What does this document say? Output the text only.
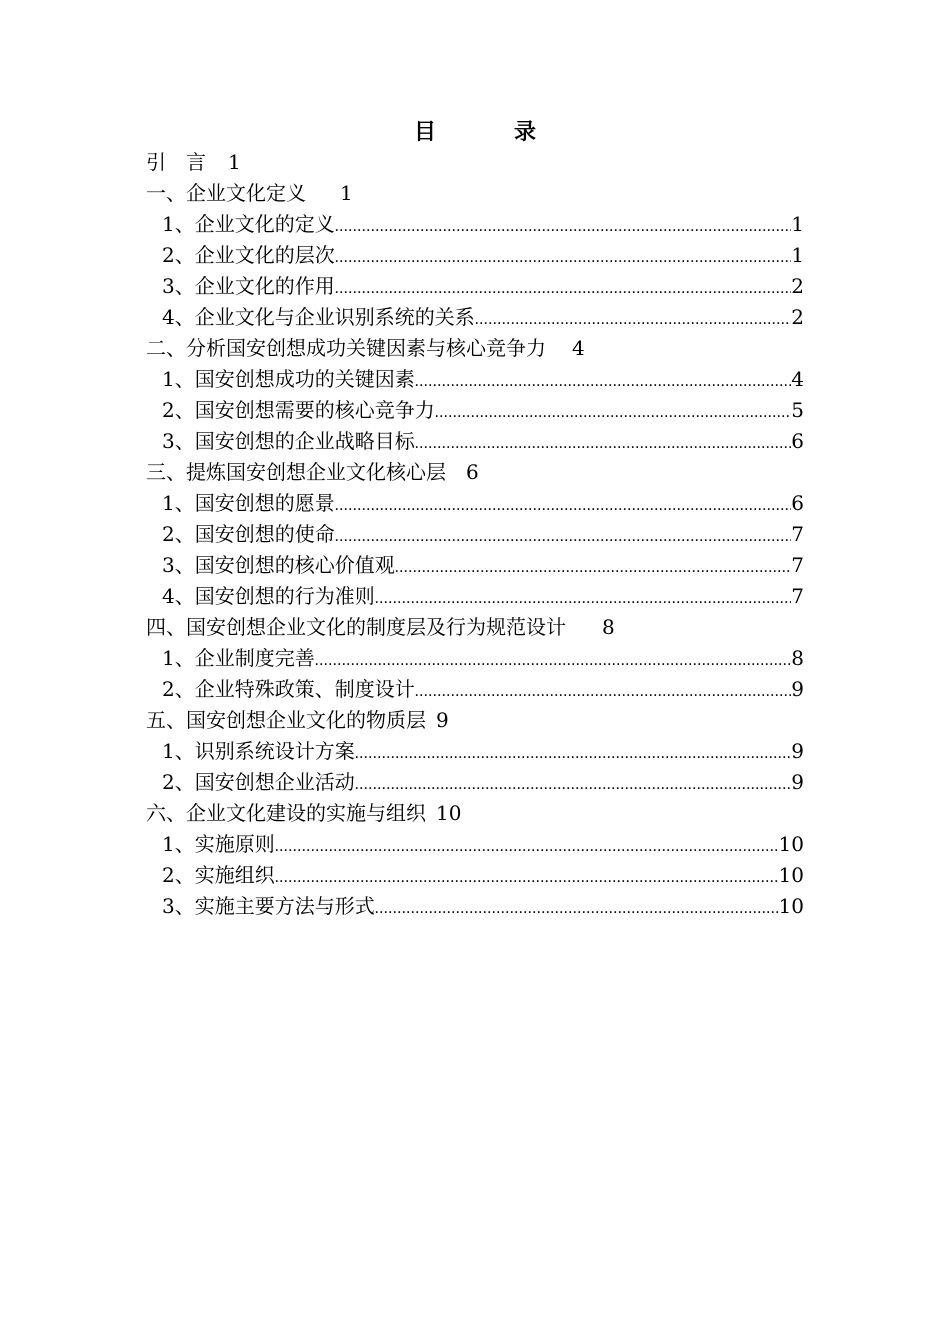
目　录
引　言 1
一、企业文化定义 1
1、企业文化的定义 .....	1
2、企业文化的层次 .....	1
3、企业文化的作用 .....	2
4、企业文化与企业识别系统的关系 .....	2
二、分析国安创想成功关键因素与核心竞争力 4
1、国安创想成功的关键因素 .....	4
2、国安创想需要的核心竞争力 .....	5
3、国安创想的企业战略目标 .....	6
三、提炼国安创想企业文化核心层 6
1、国安创想的愿景 .....	6
2、国安创想的使命 .....	7
3、国安创想的核心价值观 .....	7
4、国安创想的行为准则 .....	7
四、国安创想企业文化的制度层及行为规范设计 8
1、企业制度完善 .....	8
2、企业特殊政策、制度设计 .....	9
五、国安创想企业文化的物质层 9
1、识别系统设计方案 .....	9
2、国安创想企业活动 .....	9
六、企业文化建设的实施与组织 10
1、实施原则 .....	10
2、实施组织 .....	10
3、实施主要方法与形式 .....	10
